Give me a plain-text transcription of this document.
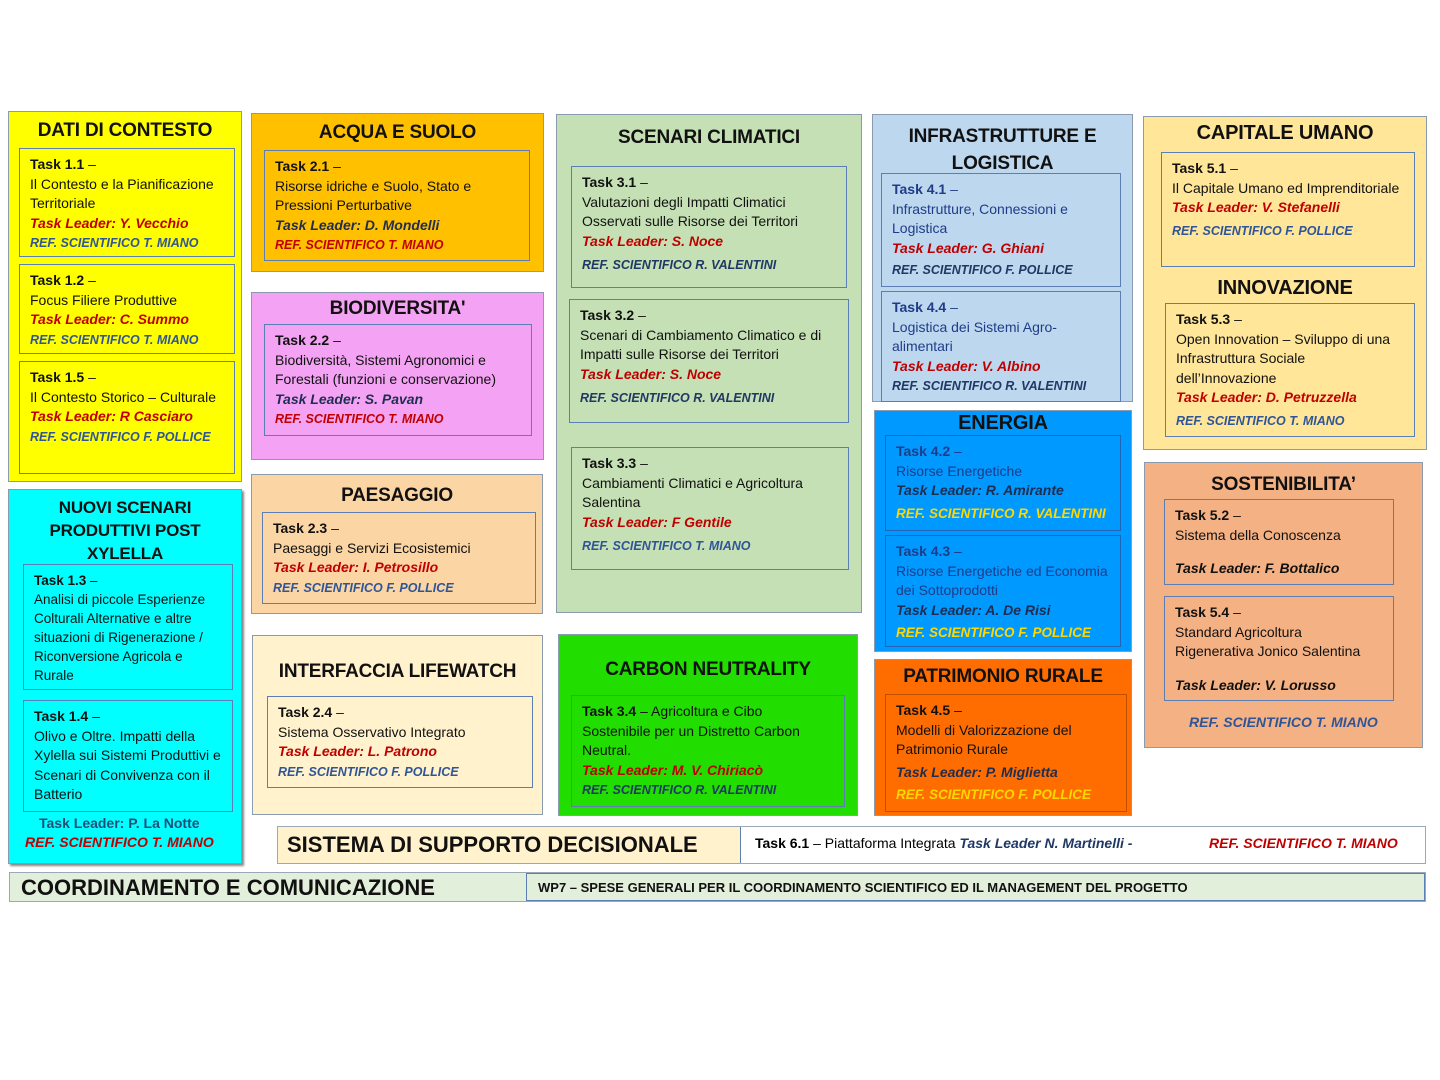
DATI DI CONTESTO
Task 1.1 –
Il Contesto e la Pianificazione Territoriale
Task Leader: Y. Vecchio
REF. SCIENTIFICO T. MIANO
Task 1.2 –
Focus Filiere Produttive
Task Leader: C. Summo
REF. SCIENTIFICO T. MIANO
Task 1.5 –
Il Contesto Storico – Culturale
Task Leader: R Casciaro
REF. SCIENTIFICO F. POLLICE
NUOVI SCENARI PRODUTTIVI POST XYLELLA
Task 1.3 –
Analisi di piccole Esperienze Colturali Alternative e altre situazioni di Rigenerazione / Riconversione Agricola e Rurale
Task 1.4 –
Olivo e Oltre. Impatti della Xylella sui Sistemi Produttivi e Scenari di Convivenza con il Batterio
Task Leader: P. La Notte
REF. SCIENTIFICO T. MIANO
ACQUA E SUOLO
Task 2.1 –
Risorse idriche e Suolo, Stato e Pressioni Perturbative
Task Leader: D. Mondelli
REF. SCIENTIFICO T. MIANO
BIODIVERSITA'
Task 2.2 –
Biodiversità, Sistemi Agronomici e Forestali (funzioni e conservazione)
Task Leader: S. Pavan
REF. SCIENTIFICO T. MIANO
PAESAGGIO
Task 2.3 –
Paesaggi e Servizi Ecosistemici
Task Leader: I. Petrosillo
REF. SCIENTIFICO F. POLLICE
INTERFACCIA LIFEWATCH
Task 2.4 –
Sistema Osservativo Integrato
Task Leader: L. Patrono
REF. SCIENTIFICO F. POLLICE
SCENARI CLIMATICI
Task 3.1 –
Valutazioni degli Impatti Climatici Osservati sulle Risorse dei Territori
Task Leader: S. Noce
REF. SCIENTIFICO R. VALENTINI
Task 3.2 –
Scenari di Cambiamento Climatico e di Impatti sulle Risorse dei Territori
Task Leader: S. Noce
REF. SCIENTIFICO R. VALENTINI
Task 3.3 –
Cambiamenti Climatici e Agricoltura Salentina
Task Leader: F Gentile
REF. SCIENTIFICO T. MIANO
CARBON NEUTRALITY
Task 3.4 – Agricoltura e Cibo Sostenibile per un Distretto Carbon Neutral.
Task Leader: M. V. Chiriacò
REF. SCIENTIFICO R. VALENTINI
INFRASTRUTTURE E LOGISTICA
Task 4.1 –
Infrastrutture, Connessioni e Logistica
Task Leader: G. Ghiani
REF. SCIENTIFICO F. POLLICE
Task 4.4 –
Logistica dei Sistemi Agro-alimentari
Task Leader: V. Albino
REF. SCIENTIFICO R. VALENTINI
ENERGIA
Task 4.2 –
Risorse Energetiche
Task Leader: R. Amirante
REF. SCIENTIFICO R. VALENTINI
Task 4.3 –
Risorse Energetiche ed Economia dei Sottoprodotti
Task Leader: A. De Risi
REF. SCIENTIFICO F. POLLICE
PATRIMONIO RURALE
Task 4.5 –
Modelli di Valorizzazione del Patrimonio Rurale
Task Leader: P. Miglietta
REF. SCIENTIFICO F. POLLICE
CAPITALE UMANO
Task 5.1 –
Il Capitale Umano ed Imprenditoriale
Task Leader: V. Stefanelli
REF. SCIENTIFICO F. POLLICE
INNOVAZIONE
Task 5.3 –
Open Innovation – Sviluppo di una Infrastruttura Sociale dell’Innovazione
Task Leader: D. Petruzzella
REF. SCIENTIFICO T. MIANO
SOSTENIBILITA’
Task 5.2 –
Sistema della Conoscenza
Task Leader: F. Bottalico
Task 5.4 –
Standard Agricoltura Rigenerativa Jonico Salentina
Task Leader: V. Lorusso
REF. SCIENTIFICO T. MIANO
SISTEMA DI SUPPORTO DECISIONALE	Task 6.1 – Piattaforma Integrata Task Leader N. Martinelli -	REF. SCIENTIFICO T. MIANO
COORDINAMENTO E COMUNICAZIONE	WP7 – SPESE GENERALI PER IL COORDINAMENTO SCIENTIFICO ED IL MANAGEMENT DEL PROGETTO
